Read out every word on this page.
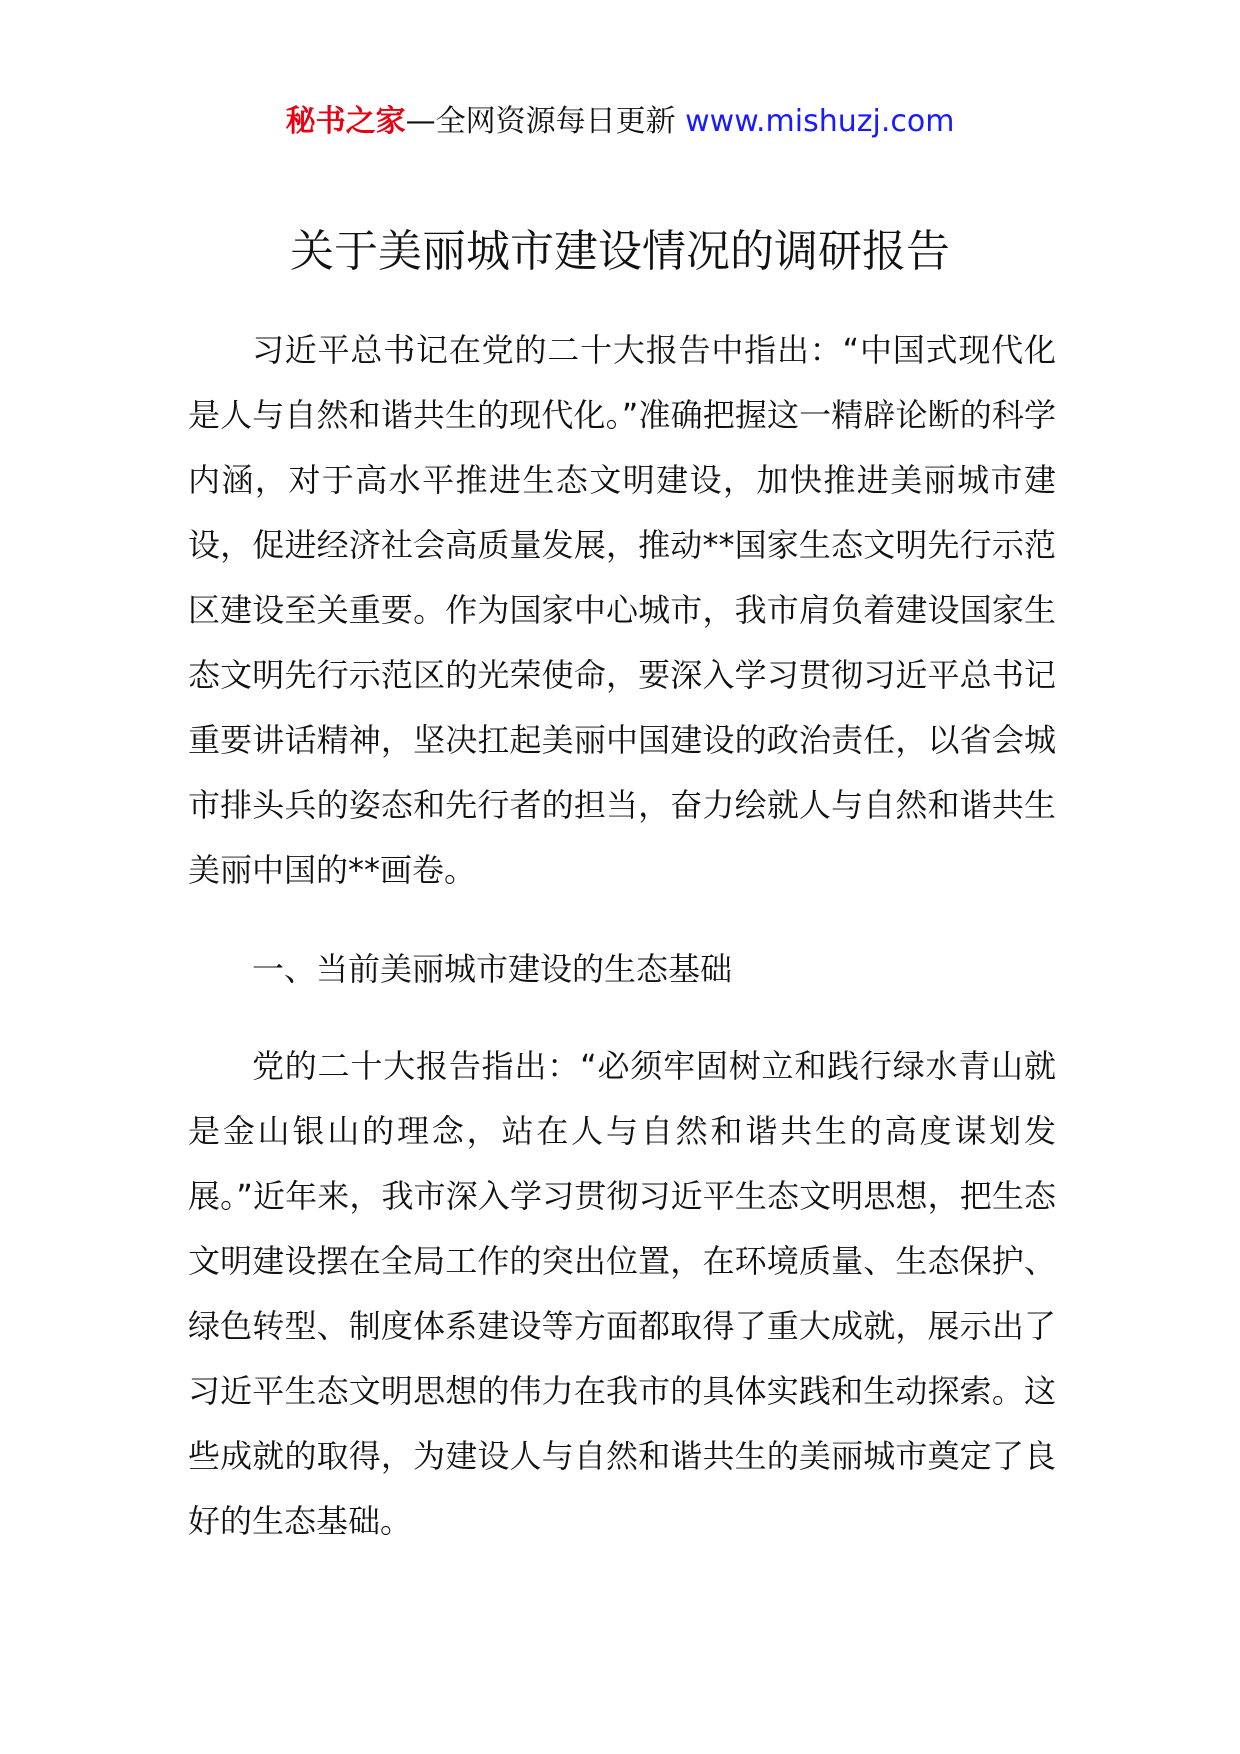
秘书之家—全网资源每日更新 www.mishuzj.com
关于美丽城市建设情况的调研报告

习近平总书记在党的二十大报告中指出：“中国式现代化是人与自然和谐共生的现代化。”准确把握这一精辟论断的科学内涵，对于高水平推进生态文明建设，加快推进美丽城市建设，促进经济社会高质量发展，推动**国家生态文明先行示范区建设至关重要。作为国家中心城市，我市肩负着建设国家生态文明先行示范区的光荣使命，要深入学习贯彻习近平总书记重要讲话精神，坚决扛起美丽中国建设的政治责任，以省会城市排头兵的姿态和先行者的担当，奋力绘就人与自然和谐共生美丽中国的**画卷。

一、当前美丽城市建设的生态基础

党的二十大报告指出：“必须牢固树立和践行绿水青山就是金山银山的理念，站在人与自然和谐共生的高度谋划发展。”近年来，我市深入学习贯彻习近平生态文明思想，把生态文明建设摆在全局工作的突出位置，在环境质量、生态保护、绿色转型、制度体系建设等方面都取得了重大成就，展示出了习近平生态文明思想的伟力在我市的具体实践和生动探索。这些成就的取得，为建设人与自然和谐共生的美丽城市奠定了良好的生态基础。
